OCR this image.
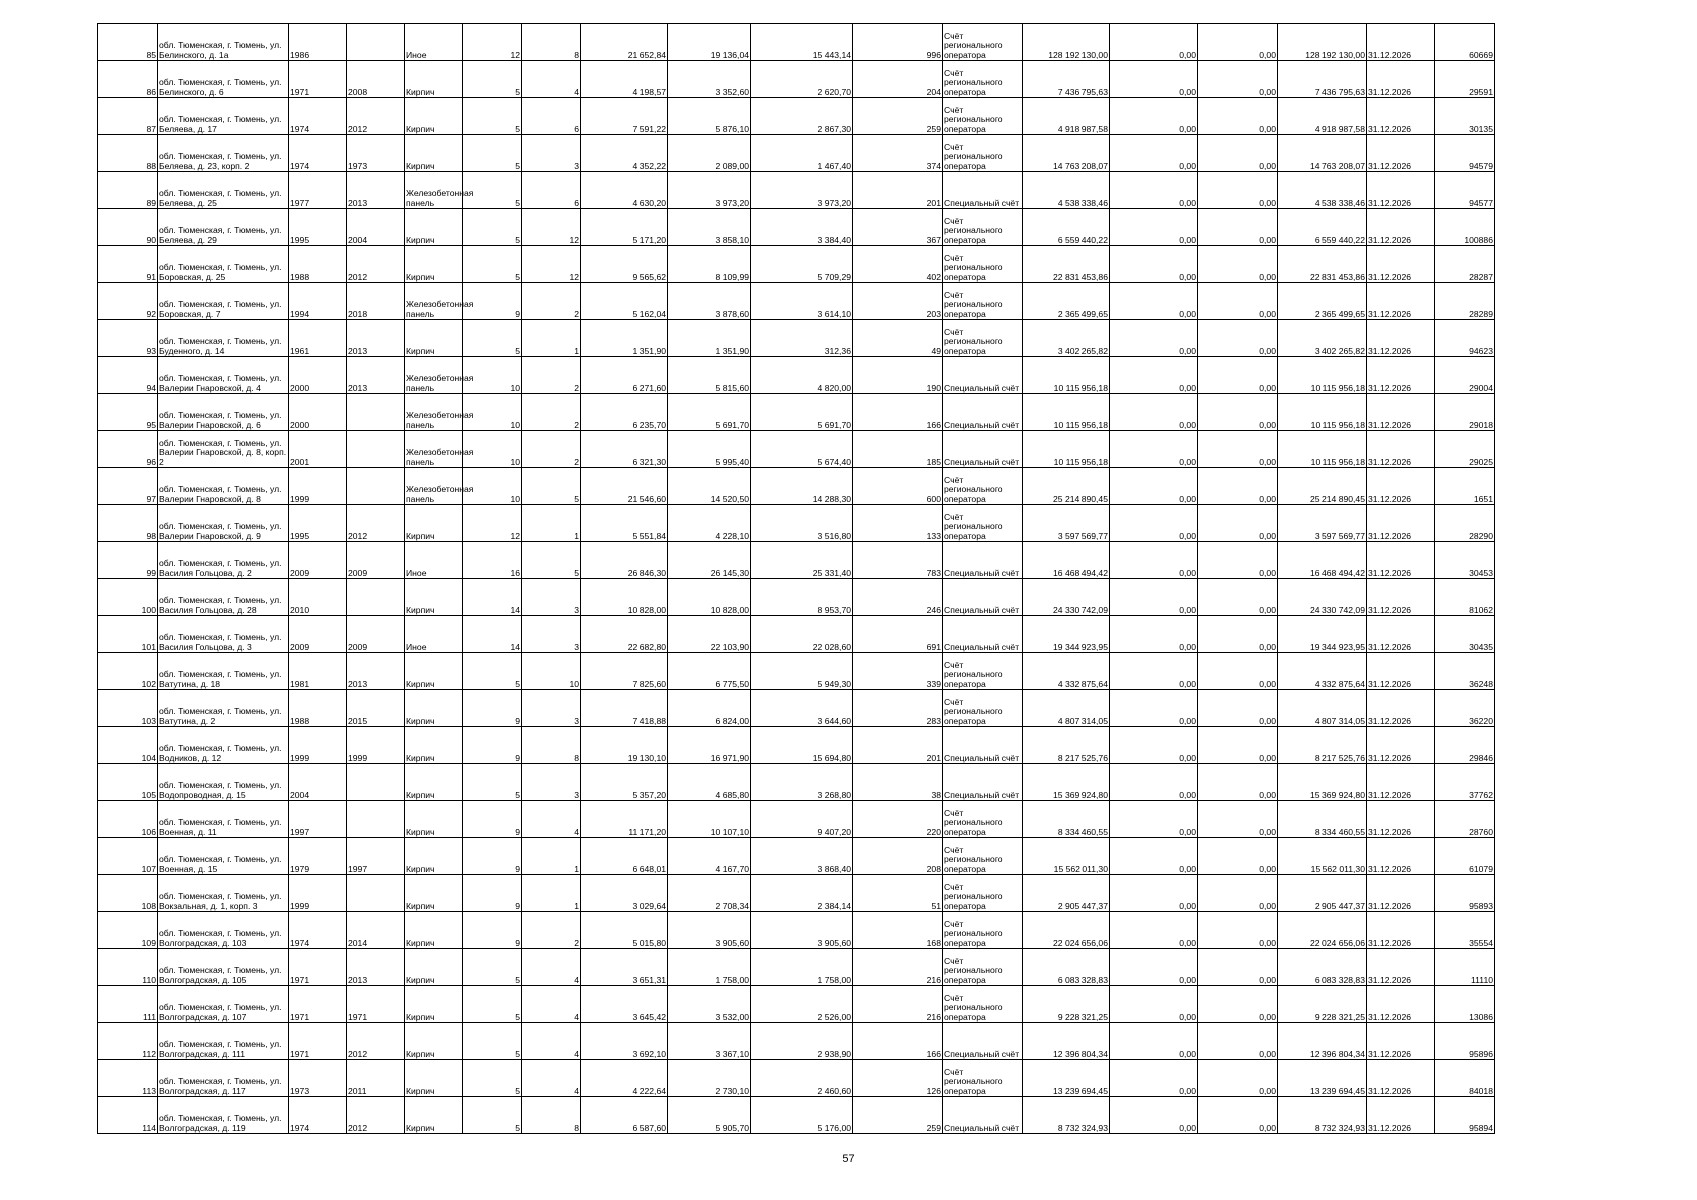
85	обл. Тюменская, г. Тюмень, ул. Белинского, д. 1а	1986		Иное	12	8	21 652,84	19 136,04	15 443,14	996	Счёт регионального оператора	128 192 130,00	0,00	0,00	128 192 130,00	31.12.2026	60669
86	обл. Тюменская, г. Тюмень, ул. Белинского, д. 6	1971	2008	Кирпич	5	4	4 198,57	3 352,60	2 620,70	204	Счёт регионального оператора	7 436 795,63	0,00	0,00	7 436 795,63	31.12.2026	29591
87	обл. Тюменская, г. Тюмень, ул. Беляева, д. 17	1974	2012	Кирпич	5	6	7 591,22	5 876,10	2 867,30	259	Счёт регионального оператора	4 918 987,58	0,00	0,00	4 918 987,58	31.12.2026	30135
88	обл. Тюменская, г. Тюмень, ул. Беляева, д. 23, корп. 2	1974	1973	Кирпич	5	3	4 352,22	2 089,00	1 467,40	374	Счёт регионального оператора	14 763 208,07	0,00	0,00	14 763 208,07	31.12.2026	94579
89	обл. Тюменская, г. Тюмень, ул. Беляева, д. 25	1977	2013	Железобетонная панель	5	6	4 630,20	3 973,20	3 973,20	201	Специальный счёт	4 538 338,46	0,00	0,00	4 538 338,46	31.12.2026	94577
90	обл. Тюменская, г. Тюмень, ул. Беляева, д. 29	1995	2004	Кирпич	5	12	5 171,20	3 858,10	3 384,40	367	Счёт регионального оператора	6 559 440,22	0,00	0,00	6 559 440,22	31.12.2026	100886
91	обл. Тюменская, г. Тюмень, ул. Боровская, д. 25	1988	2012	Кирпич	5	12	9 565,62	8 109,99	5 709,29	402	Счёт регионального оператора	22 831 453,86	0,00	0,00	22 831 453,86	31.12.2026	28287
92	обл. Тюменская, г. Тюмень, ул. Боровская, д. 7	1994	2018	Железобетонная панель	9	2	5 162,04	3 878,60	3 614,10	203	Счёт регионального оператора	2 365 499,65	0,00	0,00	2 365 499,65	31.12.2026	28289
93	обл. Тюменская, г. Тюмень, ул. Буденного, д. 14	1961	2013	Кирпич	5	1	1 351,90	1 351,90	312,36	49	Счёт регионального оператора	3 402 265,82	0,00	0,00	3 402 265,82	31.12.2026	94623
94	обл. Тюменская, г. Тюмень, ул. Валерии Гнаровской, д. 4	2000	2013	Железобетонная панель	10	2	6 271,60	5 815,60	4 820,00	190	Специальный счёт	10 115 956,18	0,00	0,00	10 115 956,18	31.12.2026	29004
95	обл. Тюменская, г. Тюмень, ул. Валерии Гнаровской, д. 6	2000		Железобетонная панель	10	2	6 235,70	5 691,70	5 691,70	166	Специальный счёт	10 115 956,18	0,00	0,00	10 115 956,18	31.12.2026	29018
96	обл. Тюменская, г. Тюмень, ул. Валерии Гнаровской, д. 8, корп. 2	2001		Железобетонная панель	10	2	6 321,30	5 995,40	5 674,40	185	Специальный счёт	10 115 956,18	0,00	0,00	10 115 956,18	31.12.2026	29025
97	обл. Тюменская, г. Тюмень, ул. Валерии Гнаровской, д. 8	1999		Железобетонная панель	10	5	21 546,60	14 520,50	14 288,30	600	Счёт регионального оператора	25 214 890,45	0,00	0,00	25 214 890,45	31.12.2026	1651
98	обл. Тюменская, г. Тюмень, ул. Валерии Гнаровской, д. 9	1995	2012	Кирпич	12	1	5 551,84	4 228,10	3 516,80	133	Счёт регионального оператора	3 597 569,77	0,00	0,00	3 597 569,77	31.12.2026	28290
99	обл. Тюменская, г. Тюмень, ул. Василия Гольцова, д. 2	2009	2009	Иное	16	5	26 846,30	26 145,30	25 331,40	783	Специальный счёт	16 468 494,42	0,00	0,00	16 468 494,42	31.12.2026	30453
100	обл. Тюменская, г. Тюмень, ул. Василия Гольцова, д. 28	2010		Кирпич	14	3	10 828,00	10 828,00	8 953,70	246	Специальный счёт	24 330 742,09	0,00	0,00	24 330 742,09	31.12.2026	81062
101	обл. Тюменская, г. Тюмень, ул. Василия Гольцова, д. 3	2009	2009	Иное	14	3	22 682,80	22 103,90	22 028,60	691	Специальный счёт	19 344 923,95	0,00	0,00	19 344 923,95	31.12.2026	30435
102	обл. Тюменская, г. Тюмень, ул. Ватутина, д. 18	1981	2013	Кирпич	5	10	7 825,60	6 775,50	5 949,30	339	Счёт регионального оператора	4 332 875,64	0,00	0,00	4 332 875,64	31.12.2026	36248
103	обл. Тюменская, г. Тюмень, ул. Ватутина, д. 2	1988	2015	Кирпич	9	3	7 418,88	6 824,00	3 644,60	283	Счёт регионального оператора	4 807 314,05	0,00	0,00	4 807 314,05	31.12.2026	36220
104	обл. Тюменская, г. Тюмень, ул. Водников, д. 12	1999	1999	Кирпич	9	8	19 130,10	16 971,90	15 694,80	201	Специальный счёт	8 217 525,76	0,00	0,00	8 217 525,76	31.12.2026	29846
105	обл. Тюменская, г. Тюмень, ул. Водопроводная, д. 15	2004		Кирпич	5	3	5 357,20	4 685,80	3 268,80	38	Специальный счёт	15 369 924,80	0,00	0,00	15 369 924,80	31.12.2026	37762
106	обл. Тюменская, г. Тюмень, ул. Военная, д. 11	1997		Кирпич	9	4	11 171,20	10 107,10	9 407,20	220	Счёт регионального оператора	8 334 460,55	0,00	0,00	8 334 460,55	31.12.2026	28760
107	обл. Тюменская, г. Тюмень, ул. Военная, д. 15	1979	1997	Кирпич	9	1	6 648,01	4 167,70	3 868,40	208	Счёт регионального оператора	15 562 011,30	0,00	0,00	15 562 011,30	31.12.2026	61079
108	обл. Тюменская, г. Тюмень, ул. Вокзальная, д. 1, корп. 3	1999		Кирпич	9	1	3 029,64	2 708,34	2 384,14	51	Счёт регионального оператора	2 905 447,37	0,00	0,00	2 905 447,37	31.12.2026	95893
109	обл. Тюменская, г. Тюмень, ул. Волгоградская, д. 103	1974	2014	Кирпич	9	2	5 015,80	3 905,60	3 905,60	168	Счёт регионального оператора	22 024 656,06	0,00	0,00	22 024 656,06	31.12.2026	35554
110	обл. Тюменская, г. Тюмень, ул. Волгоградская, д. 105	1971	2013	Кирпич	5	4	3 651,31	1 758,00	1 758,00	216	Счёт регионального оператора	6 083 328,83	0,00	0,00	6 083 328,83	31.12.2026	11110
111	обл. Тюменская, г. Тюмень, ул. Волгоградская, д. 107	1971	1971	Кирпич	5	4	3 645,42	3 532,00	2 526,00	216	Счёт регионального оператора	9 228 321,25	0,00	0,00	9 228 321,25	31.12.2026	13086
112	обл. Тюменская, г. Тюмень, ул. Волгоградская, д. 111	1971	2012	Кирпич	5	4	3 692,10	3 367,10	2 938,90	166	Специальный счёт	12 396 804,34	0,00	0,00	12 396 804,34	31.12.2026	95896
113	обл. Тюменская, г. Тюмень, ул. Волгоградская, д. 117	1973	2011	Кирпич	5	4	4 222,64	2 730,10	2 460,60	126	Счёт регионального оператора	13 239 694,45	0,00	0,00	13 239 694,45	31.12.2026	84018
114	обл. Тюменская, г. Тюмень, ул. Волгоградская, д. 119	1974	2012	Кирпич	5	8	6 587,60	5 905,70	5 176,00	259	Специальный счёт	8 732 324,93	0,00	0,00	8 732 324,93	31.12.2026	95894
57
